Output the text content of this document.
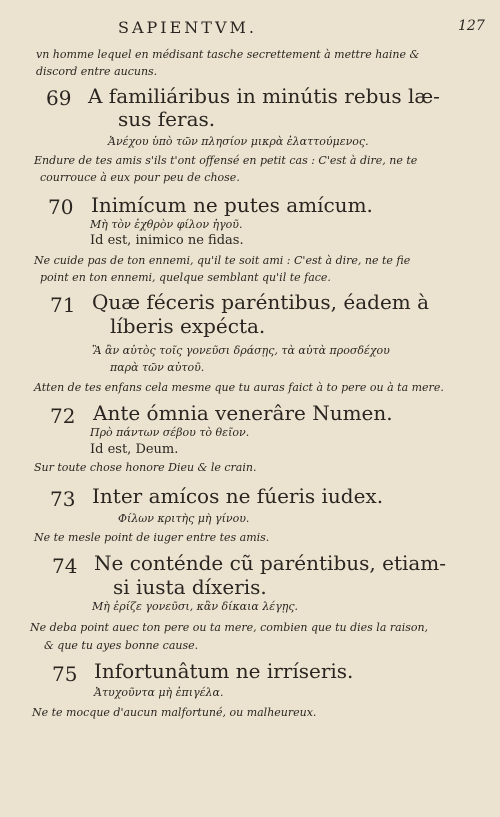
SAPIENTVM.	127
vn homme lequel en médisant tasche secrettement à mettre haine &
discord entre aucuns.
69 A familiáribus in minútis rebus læ-
sus feras.
Ἀνέχου ὑπὸ τῶν πλησίον μικρὰ ἐλαττούμενος.
Endure de tes amis s'ils t'ont offensé en petit cas : C'est à dire, ne te
courrouce à eux pour peu de chose.
70 Inimícum ne putes amícum.
Μὴ τὸν ἐχθρὸν φίλον ἡγοῦ.
Id est, inimico ne fidas.
Ne cuide pas de ton ennemi, qu'il te soit ami : C'est à dire, ne te fie
point en ton ennemi, quelque semblant qu'il te face.
71 Quæ féceris paréntibus, éadem à
líberis expécta.
Ἃ ἂν αὐτὸς τοῖς γονεῦσι δράσῃς, τὰ αὐτὰ προσδέχου
παρὰ τῶν αὐτοῦ.
Atten de tes enfans cela mesme que tu auras faict à to pere ou à ta mere.
72 Ante ómnia venerâre Numen.
Πρὸ πάντων σέβου τὸ θεῖον.
Id est, Deum.
Sur toute chose honore Dieu & le crain.
73 Inter amícos ne fúeris iudex.
Φίλων κριτὴς μὴ γίνου.
Ne te mesle point de iuger entre tes amis.
74 Ne conténde cũ paréntibus, etiam-
si iusta díxeris.
Μὴ ἐρίζε γονεῦσι, κἂν δίκαια λέγῃς.
Ne deba point auec ton pere ou ta mere, combien que tu dies la raison,
& que tu ayes bonne cause.
75 Infortunâtum ne irríseris.
Ἀτυχοῦντα μὴ ἐπιγέλα.
Ne te mocque d'aucun malfortuné, ou malheureux.
